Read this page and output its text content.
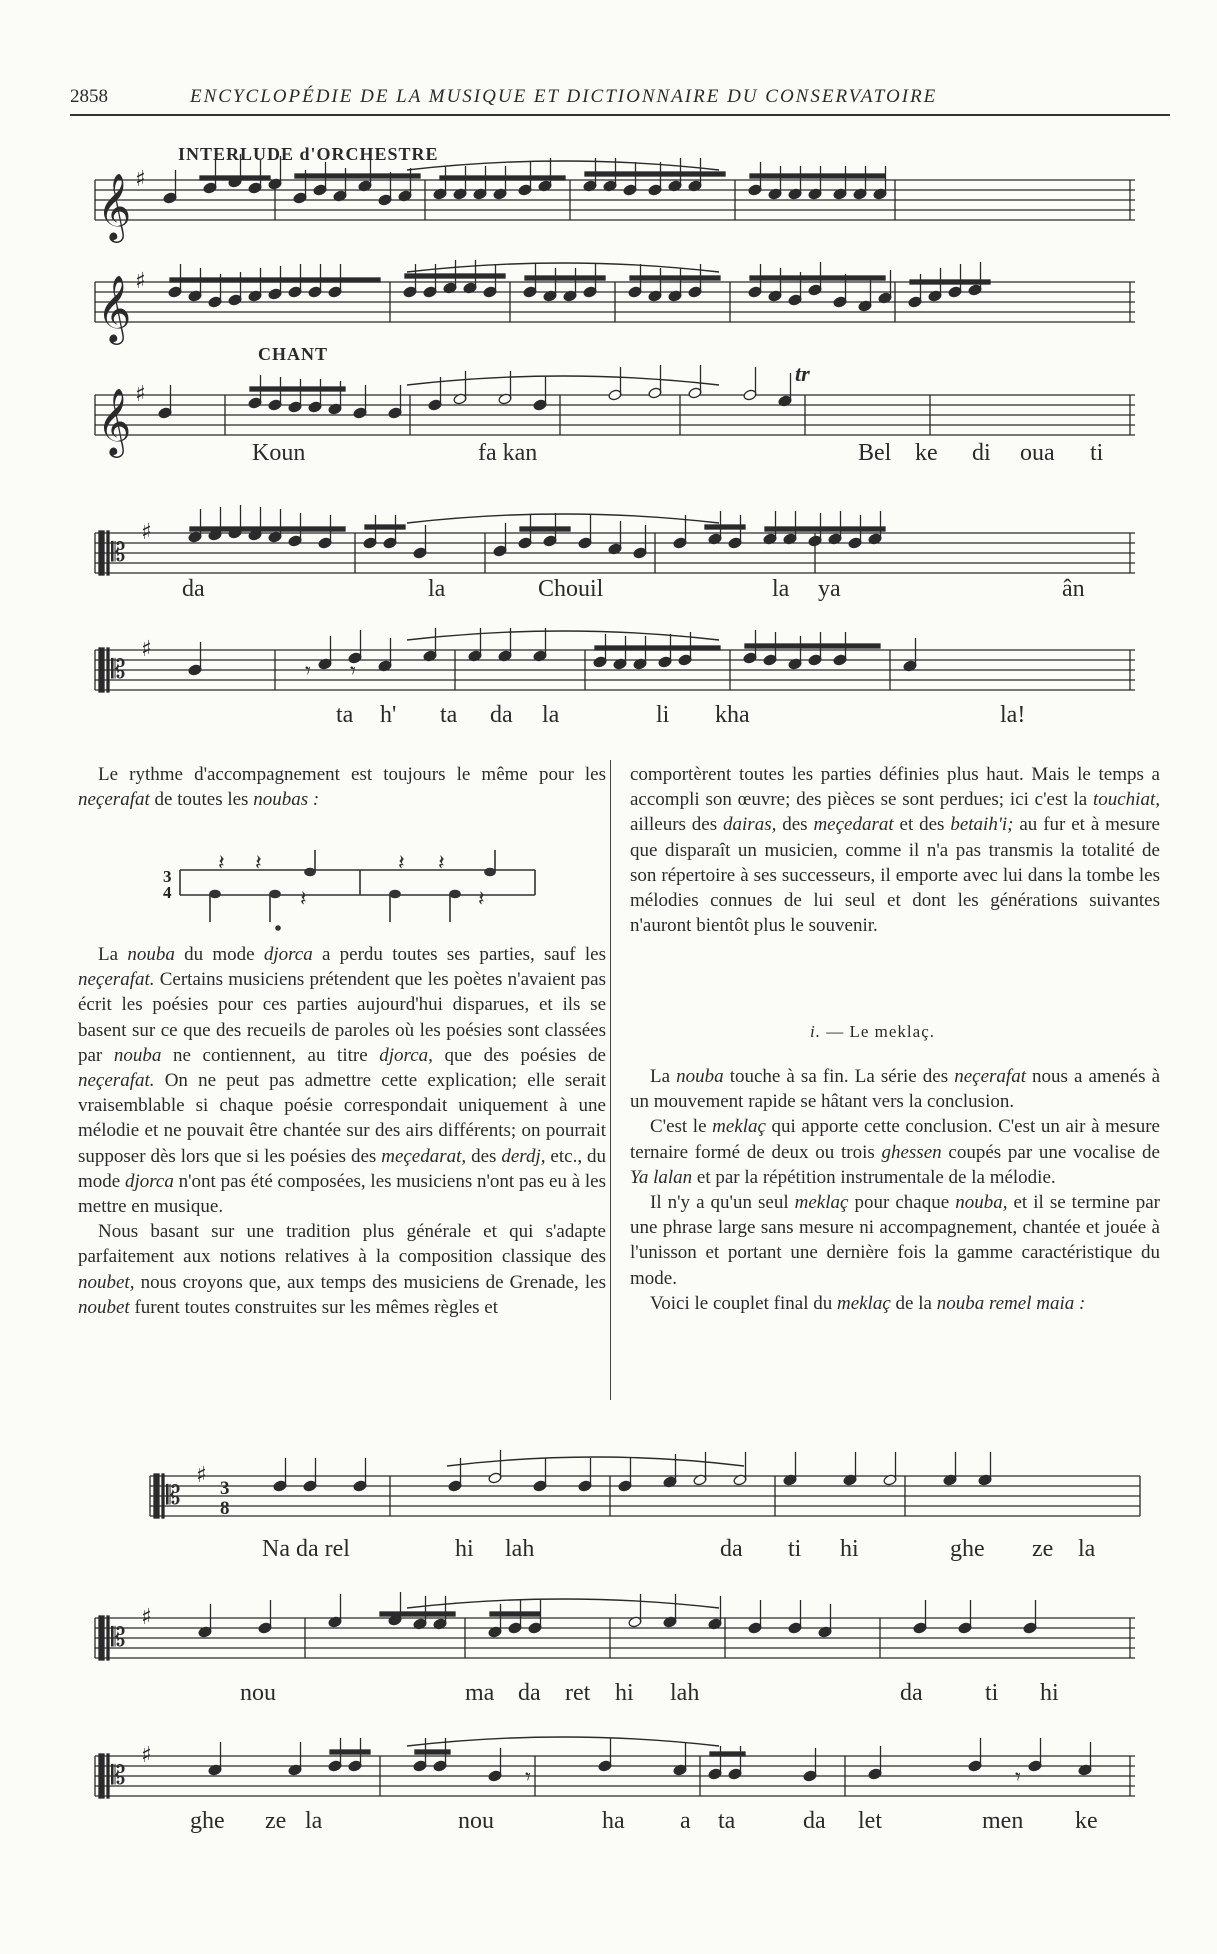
2858	ENCYCLOPÉDIE DE LA MUSIQUE ET DICTIONNAIRE DU CONSERVATOIRE
INTERLUDE d'ORCHESTRE
𝄞 ♯
𝄞 ♯
CHANT
𝄞 ♯
tr
Koun	fa kan	Bel ke di oua ti
𝄡
♯
da	la	Chouil	la ya	ân
𝄡
♯
𝄾 𝄾
ta h' ta da la	li kha	la!

Le rythme d'accompagnement est toujours le même pour les neçerafat de toutes les noubas :

𝄽 𝄽	𝄽 𝄽
𝄽	𝄽
3
4

La nouba du mode djorca a perdu toutes ses parties, sauf les neçerafat. Certains musiciens prétendent que les poètes n'avaient pas écrit les poésies pour ces parties aujourd'hui disparues, et ils se basent sur ce que des recueils de paroles où les poésies sont classées par nouba ne contiennent, au titre djorca, que des poésies de neçerafat. On ne peut pas admettre cette explication; elle serait vraisemblable si chaque poésie correspondait uniquement à une mélodie et ne pouvait être chantée sur des airs différents; on pourrait supposer dès lors que si les poésies des meçedarat, des derdj, etc., du mode djorca n'ont pas été composées, les musiciens n'ont pas eu à les mettre en musique.

Nous basant sur une tradition plus générale et qui s'adapte parfaitement aux notions relatives à la composition classique des noubet, nous croyons que, aux temps des musiciens de Grenade, les noubet furent toutes construites sur les mêmes règles et

comportèrent toutes les parties définies plus haut. Mais le temps a accompli son œuvre; des pièces se sont perdues; ici c'est la touchiat, ailleurs des dairas, des meçedarat et des betaih'i; au fur et à mesure que disparaît un musicien, comme il n'a pas transmis la totalité de son répertoire à ses successeurs, il emporte avec lui dans la tombe les mélodies connues de lui seul et dont les générations suivantes n'auront bientôt plus le souvenir.

i. — Le meklaç.

La nouba touche à sa fin. La série des neçerafat nous a amenés à un mouvement rapide se hâtant vers la conclusion.

C'est le meklaç qui apporte cette conclusion. C'est un air à mesure ternaire formé de deux ou trois ghessen coupés par une vocalise de Ya lalan et par la répétition instrumentale de la mélodie.

Il n'y a qu'un seul meklaç pour chaque nouba, et il se termine par une phrase large sans mesure ni accompagnement, chantée et jouée à l'unisson et portant une dernière fois la gamme caractéristique du mode.

Voici le couplet final du meklaç de la nouba remel maia :

𝄡
♯
3
8
Na da rel	hi lah	da ti hi	ghe ze la
𝄡
♯
nou	ma da ret hi lah	da	ti hi
𝄡
♯
𝄾	𝄾
ghe ze la	nou	ha a ta	da let	men ke
